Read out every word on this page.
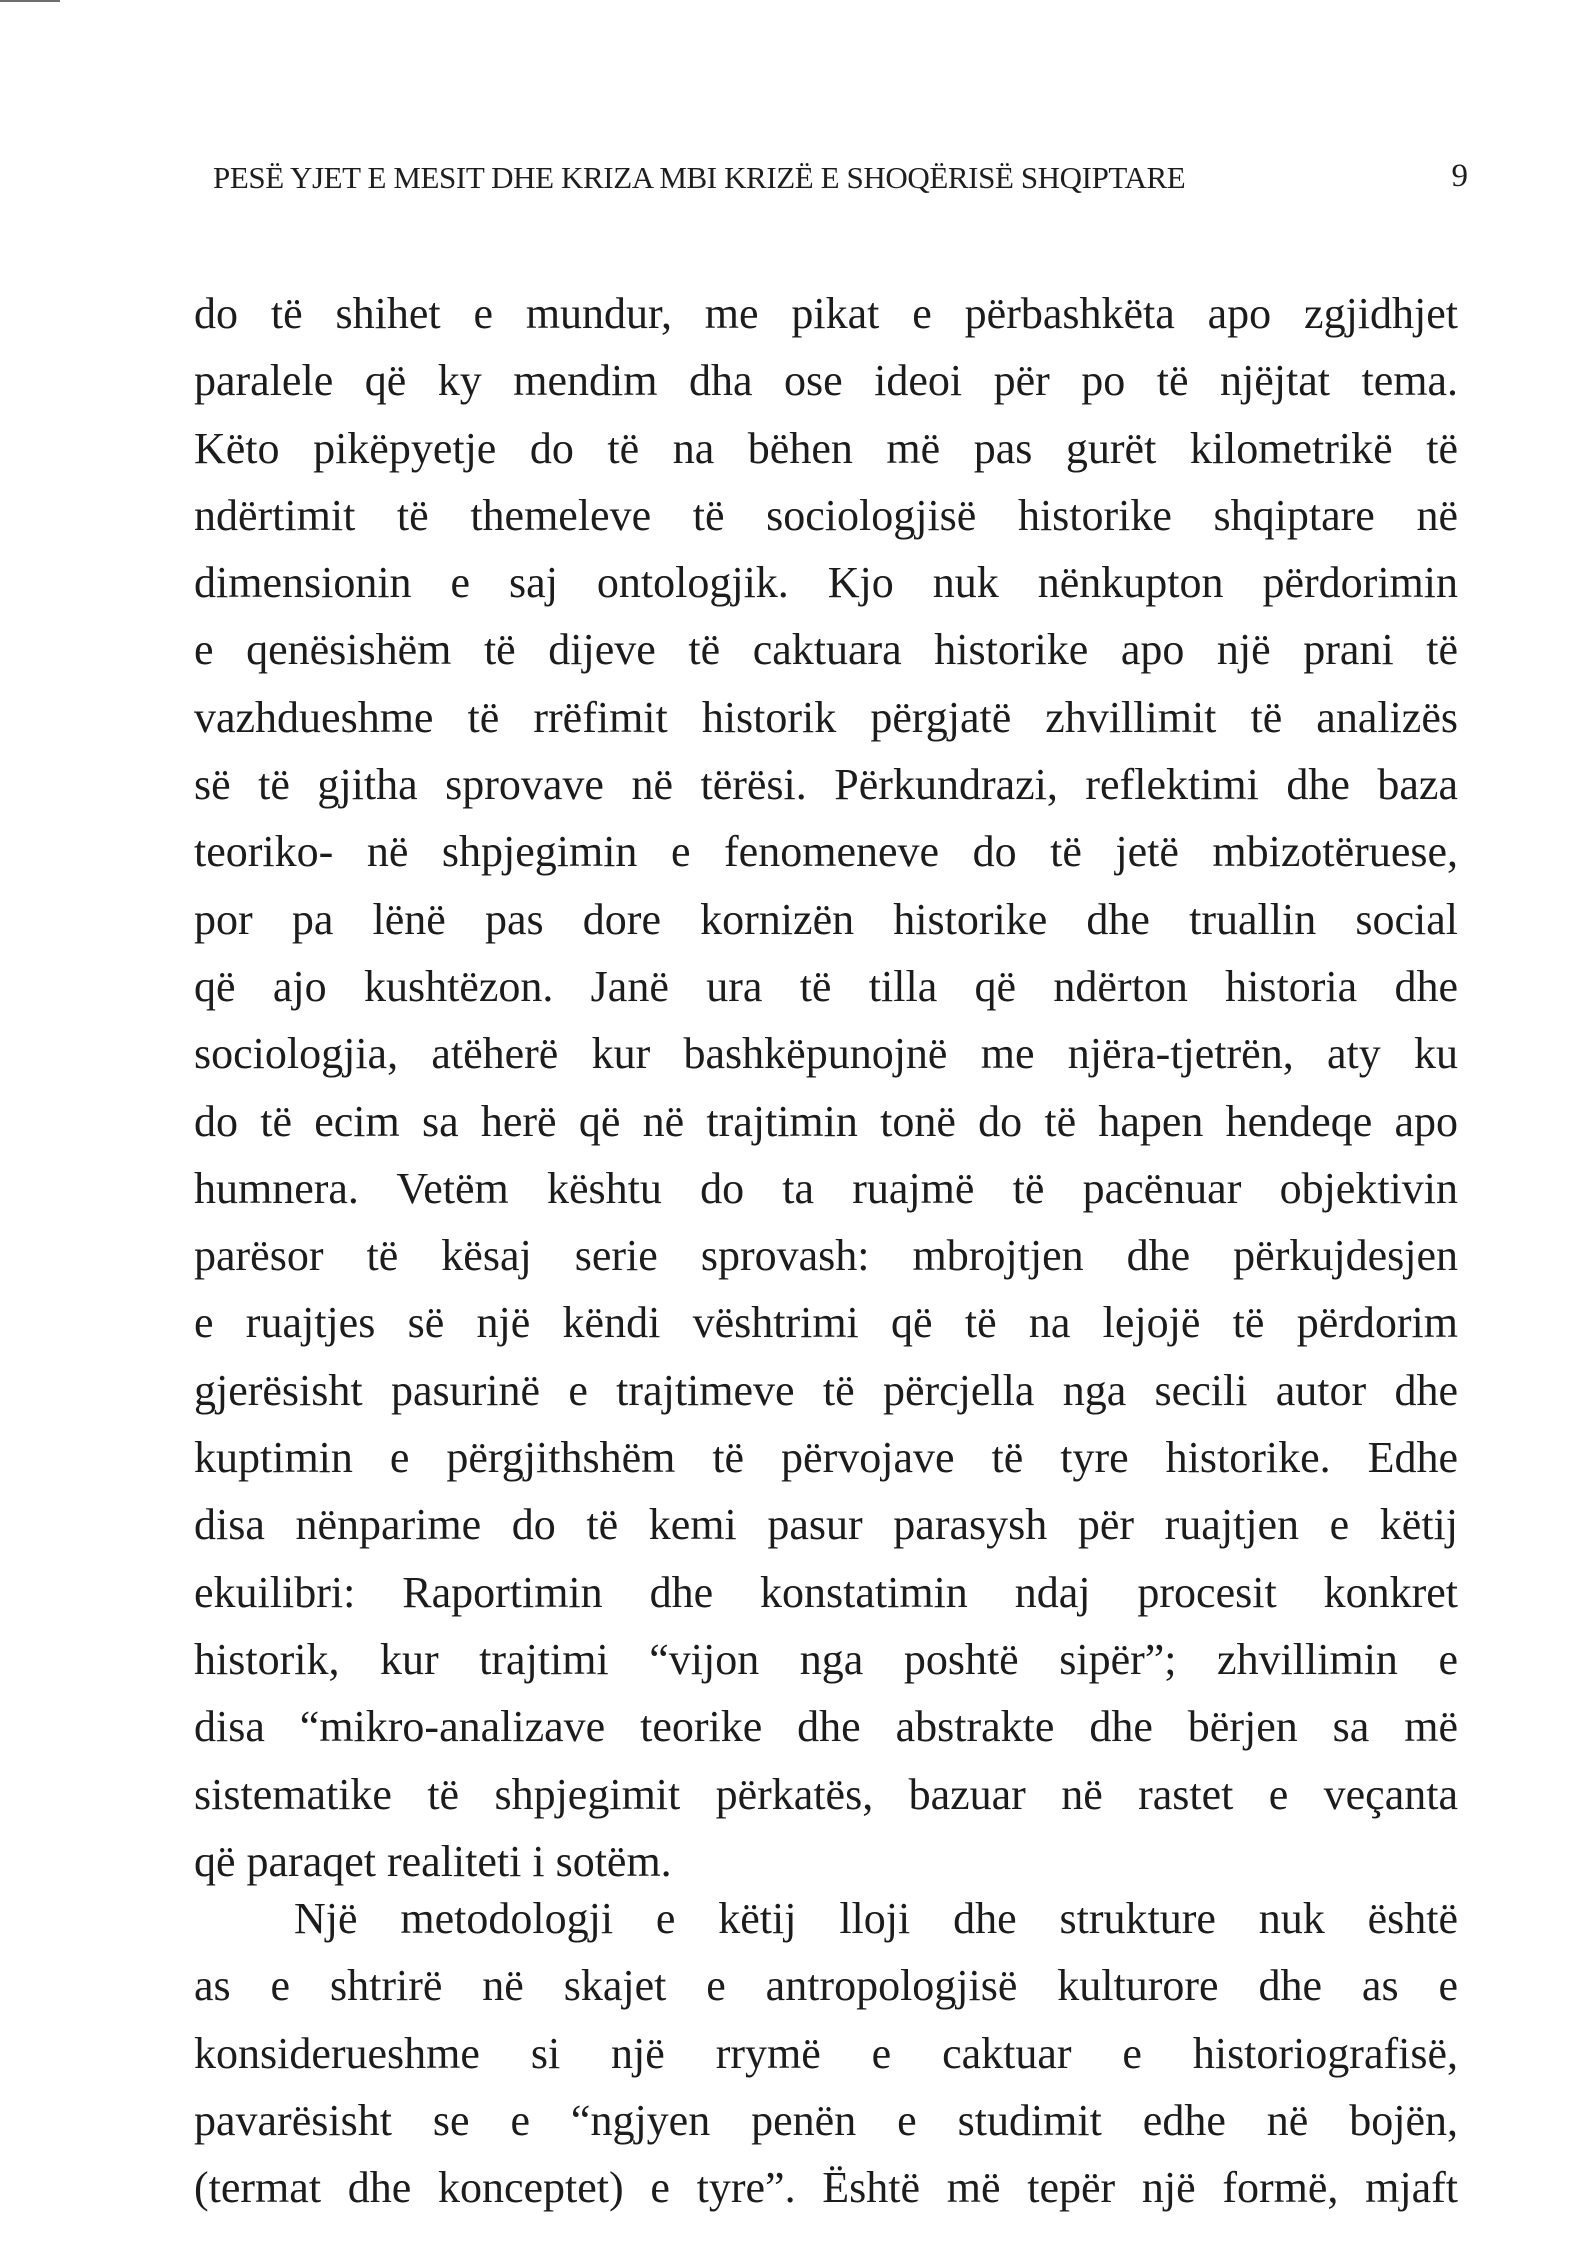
PESË YJET E MESIT DHE KRIZA MBI KRIZË E SHOQËRISË SHQIPTARE	9
do të shihet e mundur, me pikat e përbashkëta apo zgjidhjet
paralele që ky mendim dha ose ideoi për po të njëjtat tema.
Këto pikëpyetje do të na bëhen më pas gurët kilometrikë të
ndërtimit të themeleve të sociologjisë historike shqiptare në
dimensionin e saj ontologjik. Kjo nuk nënkupton përdorimin
e qenësishëm të dijeve të caktuara historike apo një prani të
vazhdueshme të rrëfimit historik përgjatë zhvillimit të analizës
së të gjitha sprovave në tërësi. Përkundrazi, reflektimi dhe baza
teoriko- në shpjegimin e fenomeneve do të jetë mbizotëruese,
por pa lënë pas dore kornizën historike dhe truallin social
që ajo kushtëzon. Janë ura të tilla që ndërton historia dhe
sociologjia, atëherë kur bashkëpunojnë me njëra-tjetrën, aty ku
do të ecim sa herë që në trajtimin tonë do të hapen hendeqe apo
humnera. Vetëm kështu do ta ruajmë të pacënuar objektivin
parësor të kësaj serie sprovash: mbrojtjen dhe përkujdesjen
e ruajtjes së një këndi vështrimi që të na lejojë të përdorim
gjerësisht pasurinë e trajtimeve të përcjella nga secili autor dhe
kuptimin e përgjithshëm të përvojave të tyre historike. Edhe
disa nënparime do të kemi pasur parasysh për ruajtjen e këtij
ekuilibri: Raportimin dhe konstatimin ndaj procesit konkret
historik, kur trajtimi “vijon nga poshtë sipër”; zhvillimin e
disa “mikro-analizave teorike dhe abstrakte dhe bërjen sa më
sistematike të shpjegimit përkatës, bazuar në rastet e veçanta
që paraqet realiteti i sotëm.
Një metodologji e këtij lloji dhe strukture nuk është
as e shtrirë në skajet e antropologjisë kulturore dhe as e
konsiderueshme si një rrymë e caktuar e historiografisë,
pavarësisht se e “ngjyen penën e studimit edhe në bojën,
(termat dhe konceptet) e tyre”. Është më tepër një formë, mjaft
